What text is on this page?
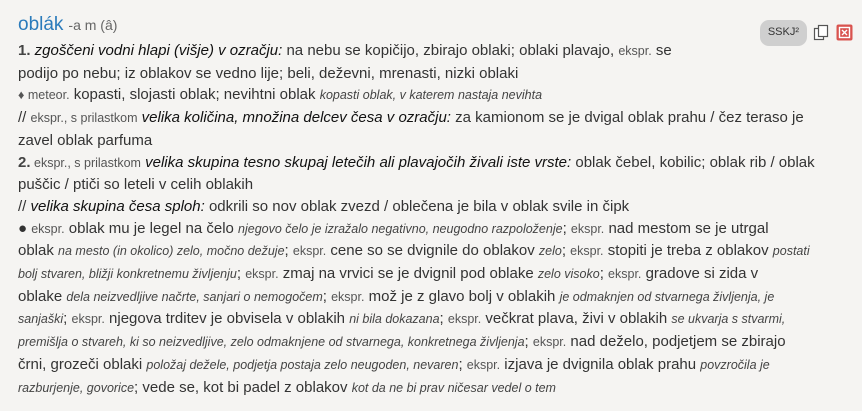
oblák -a m (â)	SSKJ²
1. zgoščeni vodni hlapi (višje) v ozračju: na nebu se kopičijo, zbirajo oblaki; oblaki plavajo, ekspr. se
podijo po nebu; iz oblakov se vedno lije; beli, deževni, mrenasti, nizki oblaki
♦ meteor. kopasti, slojasti oblak; nevihtni oblak kopasti oblak, v katerem nastaja nevihta
// ekspr., s prilastkom velika količina, množina delcev česa v ozračju: za kamionom se je dvigal oblak prahu / čez teraso je
zavel oblak parfuma
2. ekspr., s prilastkom velika skupina tesno skupaj letečih ali plavajočih živali iste vrste: oblak čebel, kobilic; oblak rib / oblak
puščic / ptiči so leteli v celih oblakih
// velika skupina česa sploh: odkrili so nov oblak zvezd / oblečena je bila v oblak svile in čipk
● ekspr. oblak mu je legel na čelo njegovo čelo je izražalo negativno, neugodno razpoloženje; ekspr. nad mestom se je utrgal
oblak na mesto (in okolico) zelo, močno dežuje; ekspr. cene so se dvignile do oblakov zelo; ekspr. stopiti je treba z oblakov postati
bolj stvaren, bližji konkretnemu življenju; ekspr. zmaj na vrvici se je dvignil pod oblake zelo visoko; ekspr. gradove si zida v
oblake dela neizvedljive načrte, sanjari o nemogočem; ekspr. mož je z glavo bolj v oblakih je odmaknjen od stvarnega življenja, je
sanjaški; ekspr. njegova trditev je obvisela v oblakih ni bila dokazana; ekspr. večkrat plava, živi v oblakih se ukvarja s stvarmi,
premišlja o stvareh, ki so neizvedljive, zelo odmaknjene od stvarnega, konkretnega življenja; ekspr. nad deželo, podjetjem se zbirajo
črni, grozeči oblaki položaj dežele, podjetja postaja zelo neugoden, nevaren; ekspr. izjava je dvignila oblak prahu povzročila je
razburjenje, govorice; vede se, kot bi padel z oblakov kot da ne bi prav ničesar vedel o tem
